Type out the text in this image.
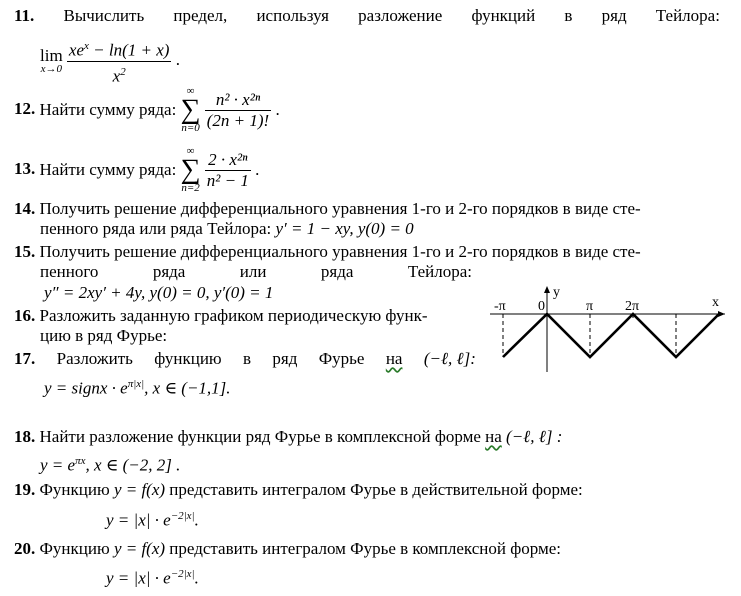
11. Вычислить предел, используя разложение функций в ряд Тейлора:
lim
x→0
$\frac{xe^x - \ln(1 + x)}{x^2}$ .
12. Найти сумму ряда:
∞
∑
n=0
$\frac{\text{n² · x²ⁿ}}{(2n + 1)!}$ .
13. Найти сумму ряда:
∞
∑
n=2
$\frac{\text{2 · x²ⁿ}}{\text{n² − 1}}$ .
14. Получить решение дифференциального уравнения 1-го и 2-го порядков в виде сте-
пенного ряда или ряда Тейлора: y′ = 1 − xy, y(0) = 0
15. Получить решение дифференциального уравнения 1-го и 2-го порядков в виде сте-
пенного	ряда	или	ряда	Тейлора:
y″ = 2xy′ + 4y, y(0) = 0, y′(0) = 1
16. Разложить заданную графиком периодическую функ-
цию в ряд Фурье:
-π 0	π 2π
y
x
17. Разложить функцию в ряд Фурье на (−ℓ, ℓ]:
y = signx · $e^{\pi|x|}$, x ∈ (−1,1].
18. Найти разложение функции ряд Фурье в комплексной форме на (−ℓ, ℓ] :
$y = e^{\pi x}$, x ∈ (−2, 2] .
19. Функцию y = f(x) представить интегралом Фурье в действительной форме:
$y = |x| \cdot e^{-2|x|}$.
20. Функцию y = f(x) представить интегралом Фурье в комплексной форме:
$y = |x| \cdot e^{-2|x|}$.
